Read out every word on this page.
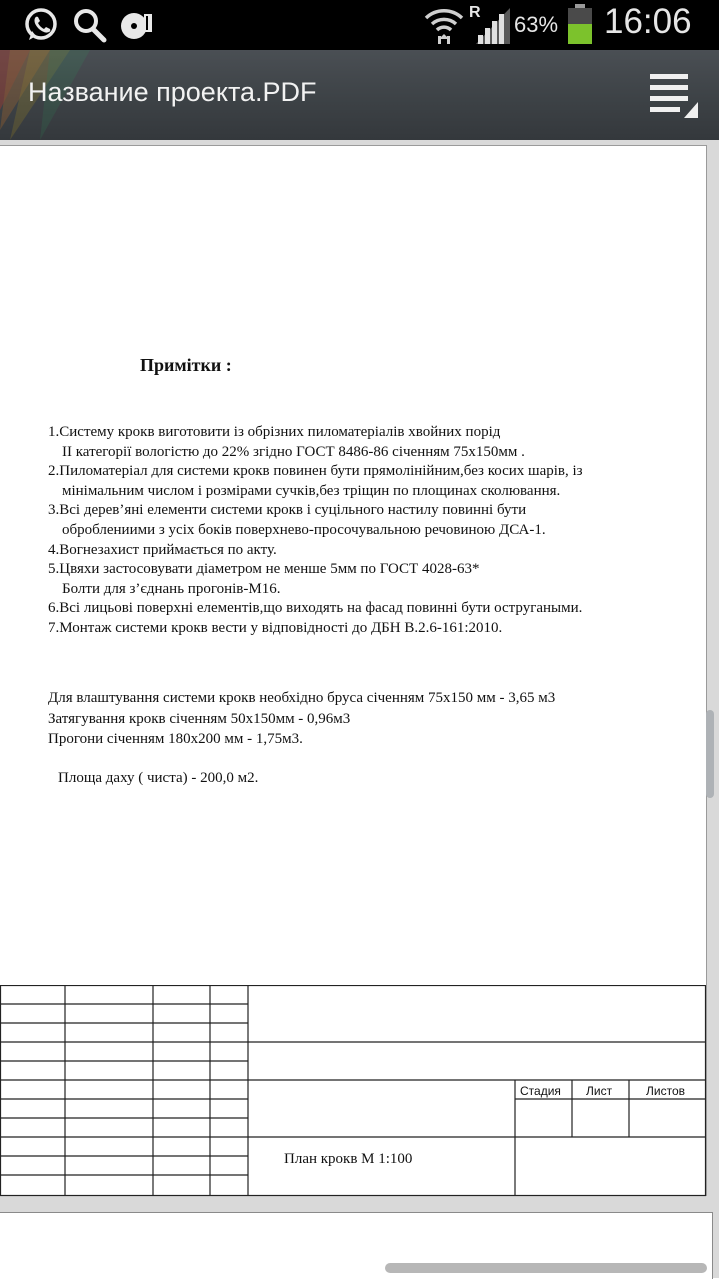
R 63% 16:06
Название проекта.PDF
Примітки :
1.Систему крокв виготовити із обрізних пиломатеріалів хвойних порід
II категорії вологістю до 22% згідно ГОСТ 8486-86 січенням 75х150мм .
2.Пиломатеріал для системи крокв повинен бути прямолінійним,без косих шарів, із
мінімальним числом і розмірами сучків,без тріщин по площинах сколювання.
3.Всі дерев’яні елементи системи крокв і суцільного настилу повинні бути
оброблениими з усіх боків поверхнево-просочувальною речовиною ДСА-1.
4.Вогнезахист приймається по акту.
5.Цвяхи застосовувати діаметром не менше 5мм по ГОСТ 4028-63*
Болти для з’єднань прогонів-М16.
6.Всі лицьові поверхні елементів,що виходять на фасад повинні бути остругаными.
7.Монтаж системи крокв вести у відповідності до ДБН В.2.6-161:2010.
Для влаштування системи крокв необхідно бруса січенням 75х150 мм - 3,65 м3
Затягування крокв січенням 50х150мм - 0,96м3
Прогони січенням 180х200 мм - 1,75м3.
Площа даху ( чиста) - 200,0 м2.
Стадия Лист	Листов
План крокв М 1:100
